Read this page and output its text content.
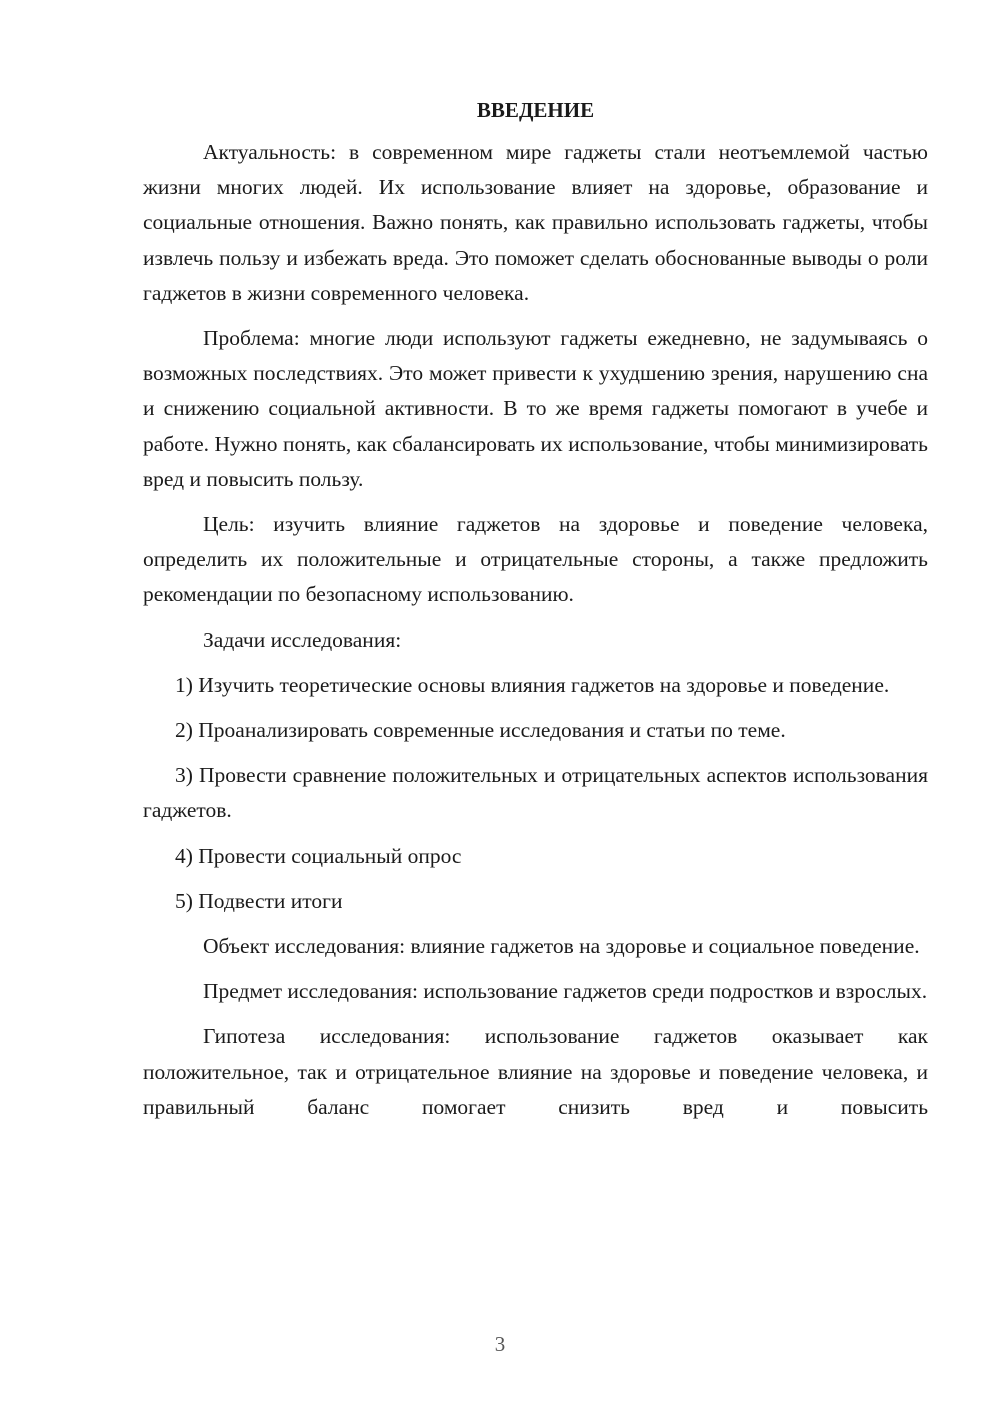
ВВЕДЕНИЕ
Актуальность: в современном мире гаджеты стали неотъемлемой частью жизни многих людей. Их использование влияет на здоровье, образование и социальные отношения. Важно понять, как правильно использовать гаджеты, чтобы извлечь пользу и избежать вреда. Это поможет сделать обоснованные выводы о роли гаджетов в жизни современного человека.
Проблема: многие люди используют гаджеты ежедневно, не задумываясь о возможных последствиях. Это может привести к ухудшению зрения, нарушению сна и снижению социальной активности. В то же время гаджеты помогают в учебе и работе. Нужно понять, как сбалансировать их использование, чтобы минимизировать вред и повысить пользу.
Цель: изучить влияние гаджетов на здоровье и поведение человека, определить их положительные и отрицательные стороны, а также предложить рекомендации по безопасному использованию.
Задачи исследования:
1) Изучить теоретические основы влияния гаджетов на здоровье и поведение.
2) Проанализировать современные исследования и статьи по теме.
3) Провести сравнение положительных и отрицательных аспектов использования гаджетов.
4) Провести социальный опрос
5) Подвести итоги
Объект исследования: влияние гаджетов на здоровье и социальное поведение.
Предмет исследования: использование гаджетов среди подростков и взрослых.
Гипотеза исследования: использование гаджетов оказывает как положительное, так и отрицательное влияние на здоровье и поведение человека, и правильный баланс помогает снизить вред и повысить
3
